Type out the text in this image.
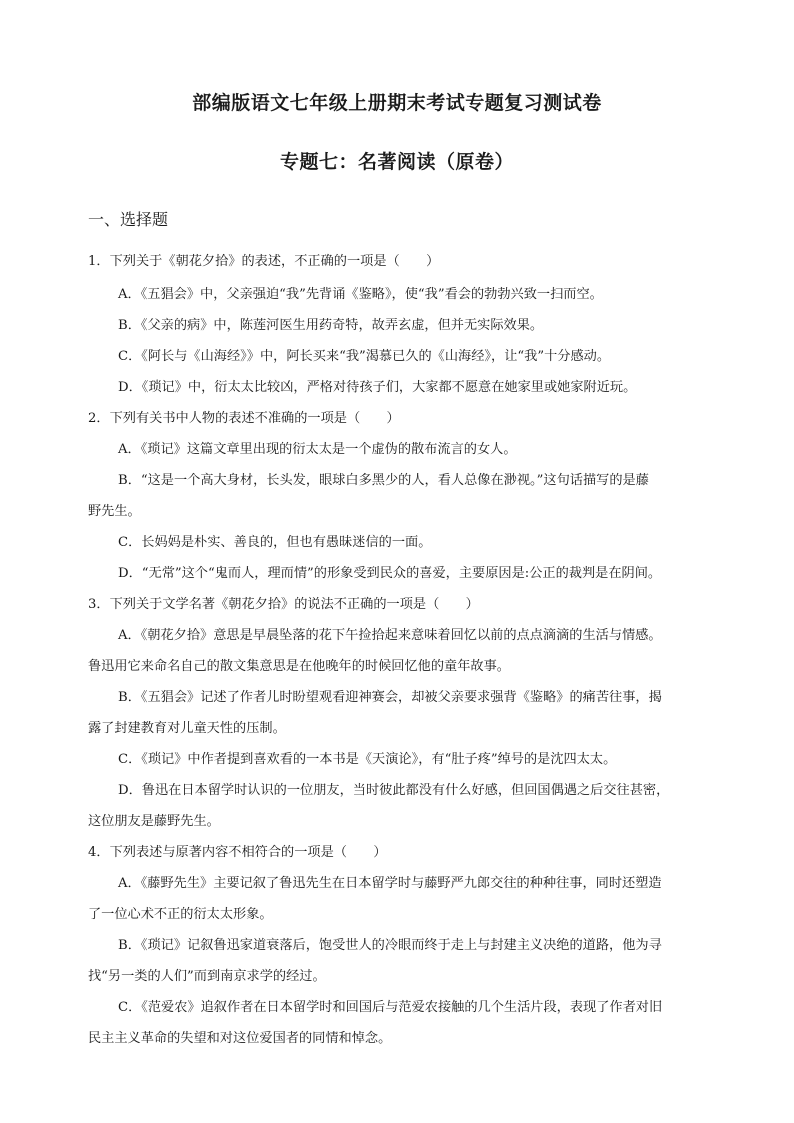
部编版语文七年级上册期末考试专题复习测试卷
专题七：名著阅读（原卷）
一、选择题
1．下列关于《朝花夕拾》的表述，不正确的一项是（　　）
A．《五猖会》中，父亲强迫“我”先背诵《鉴略》，使“我”看会的勃勃兴致一扫而空。
B．《父亲的病》中，陈莲河医生用药奇特，故弄玄虚，但并无实际效果。
C．《阿长与《山海经》》中，阿长买来“我”渴慕已久的《山海经》，让“我”十分感动。
D．《琐记》中，衍太太比较凶，严格对待孩子们，大家都不愿意在她家里或她家附近玩。
2．下列有关书中人物的表述不准确的一项是（　　）
A．《琐记》这篇文章里出现的衍太太是一个虚伪的散布流言的女人。
B．“这是一个高大身材，长头发，眼球白多黑少的人，看人总像在渺视。”这句话描写的是藤
野先生。
C．长妈妈是朴实、善良的，但也有愚昧迷信的一面。
D．“无常”这个“鬼而人，理而情”的形象受到民众的喜爱，主要原因是:公正的裁判是在阴间。
3．下列关于文学名著《朝花夕拾》的说法不正确的一项是（　　）
A．《朝花夕拾》意思是早晨坠落的花下午捡拾起来意味着回忆以前的点点滴滴的生活与情感。
鲁迅用它来命名自己的散文集意思是在他晚年的时候回忆他的童年故事。
B．《五猖会》记述了作者儿时盼望观看迎神赛会，却被父亲要求强背《鉴略》的痛苦往事，揭
露了封建教育对儿童天性的压制。
C．《琐记》中作者提到喜欢看的一本书是《天演论》，有“肚子疼”绰号的是沈四太太。
D．鲁迅在日本留学时认识的一位朋友，当时彼此都没有什么好感，但回国偶遇之后交往甚密，
这位朋友是藤野先生。
4．下列表述与原著内容不相符合的一项是（　　）
A．《藤野先生》主要记叙了鲁迅先生在日本留学时与藤野严九郎交往的种种往事，同时还塑造
了一位心术不正的衍太太形象。
B．《琐记》记叙鲁迅家道衰落后，饱受世人的冷眼而终于走上与封建主义决绝的道路，他为寻
找“另一类的人们”而到南京求学的经过。
C．《范爱农》追叙作者在日本留学时和回国后与范爱农接触的几个生活片段，表现了作者对旧
民主主义革命的失望和对这位爱国者的同情和悼念。
